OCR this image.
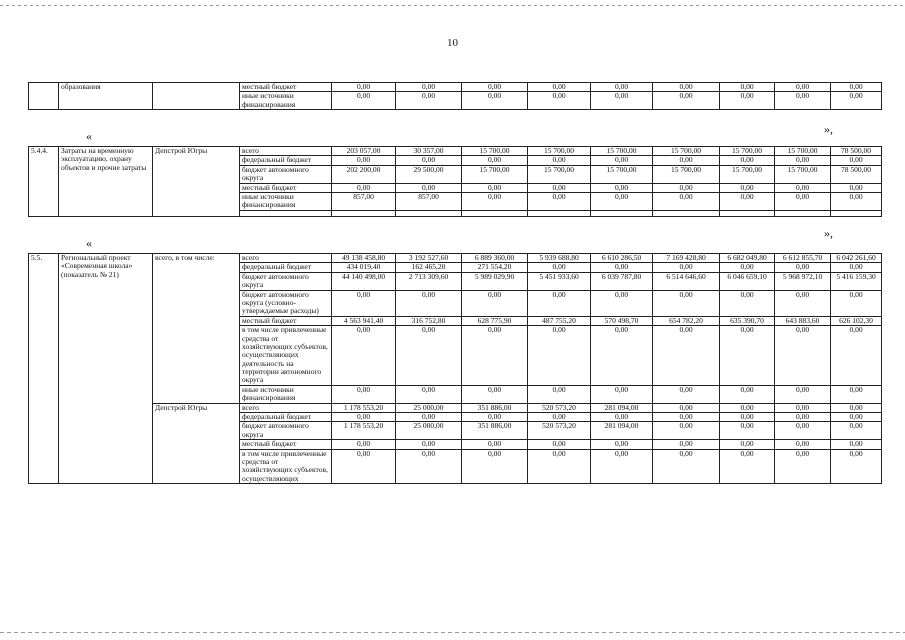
10
	образования		местный бюджет	0,00	0,00	0,00	0,00	0,00	0,00	0,00	0,00	0,00
			иные источники финансирования	0,00	0,00	0,00	0,00	0,00	0,00	0,00	0,00	0,00
«	»,
5.4.4.	Затраты на временную эксплуатацию, охрану объектов и прочие затраты	Депстрой Югры	всего	203 057,00	30 357,00	15 700,00	15 700,00	15 700,00	15 700,00	15 700,00	15 700,00	78 500,00
			федеральный бюджет	0,00	0,00	0,00	0,00	0,00	0,00	0,00	0,00	0,00
			бюджет автономного округа	202 200,00	29 500,00	15 700,00	15 700,00	15 700,00	15 700,00	15 700,00	15 700,00	78 500,00
			местный бюджет	0,00	0,00	0,00	0,00	0,00	0,00	0,00	0,00	0,00
			иные источники финансирования	857,00	857,00	0,00	0,00	0,00	0,00	0,00	0,00	0,00

«
»,
5.5.	Региональный проект «Современная школа» (показатель № 21)	всего, в том числе:	всего	49 138 458,80	3 192 527,60	6 889 360,00	5 939 688,80	6 610 286,50	7 169 428,80	6 682 049,80	6 612 855,70	6 042 261,60
			федеральный бюджет	434 019,40	162 465,20	271 554,20	0,00	0,00	0,00	0,00	0,00	0,00
			бюджет автономного округа	44 140 498,00	2 713 309,60	5 989 029,90	5 451 933,60	6 039 787,80	6 514 646,60	6 046 659,10	5 968 972,10	5 416 159,30
			бюджет автономного округа (условно-утверждаемые расходы)	0,00	0,00	0,00	0,00	0,00	0,00	0,00	0,00	0,00
			местный бюджет	4 563 941,40	316 752,80	628 775,90	487 755,20	570 498,70	654 782,20	635 390,70	643 883,60	626 102,30
			в том числе привлеченные средства от хозяйствующих субъектов, осуществляющих деятельность на территории автономного округа	0,00	0,00	0,00	0,00	0,00	0,00	0,00	0,00	0,00
			иные источники финансирования	0,00	0,00	0,00	0,00	0,00	0,00	0,00	0,00	0,00
		Депстрой Югры	всего	1 178 553,20	25 000,00	351 886,00	520 573,20	281 094,00	0,00	0,00	0,00	0,00
			федеральный бюджет	0,00	0,00	0,00	0,00	0,00	0,00	0,00	0,00	0,00
			бюджет автономного округа	1 178 553,20	25 000,00	351 886,00	520 573,20	281 094,00	0,00	0,00	0,00	0,00
			местный бюджет	0,00	0,00	0,00	0,00	0,00	0,00	0,00	0,00	0,00
			в том числе привлеченные средства от хозяйствующих субъектов, осуществляющих	0,00	0,00	0,00	0,00	0,00	0,00	0,00	0,00	0,00
